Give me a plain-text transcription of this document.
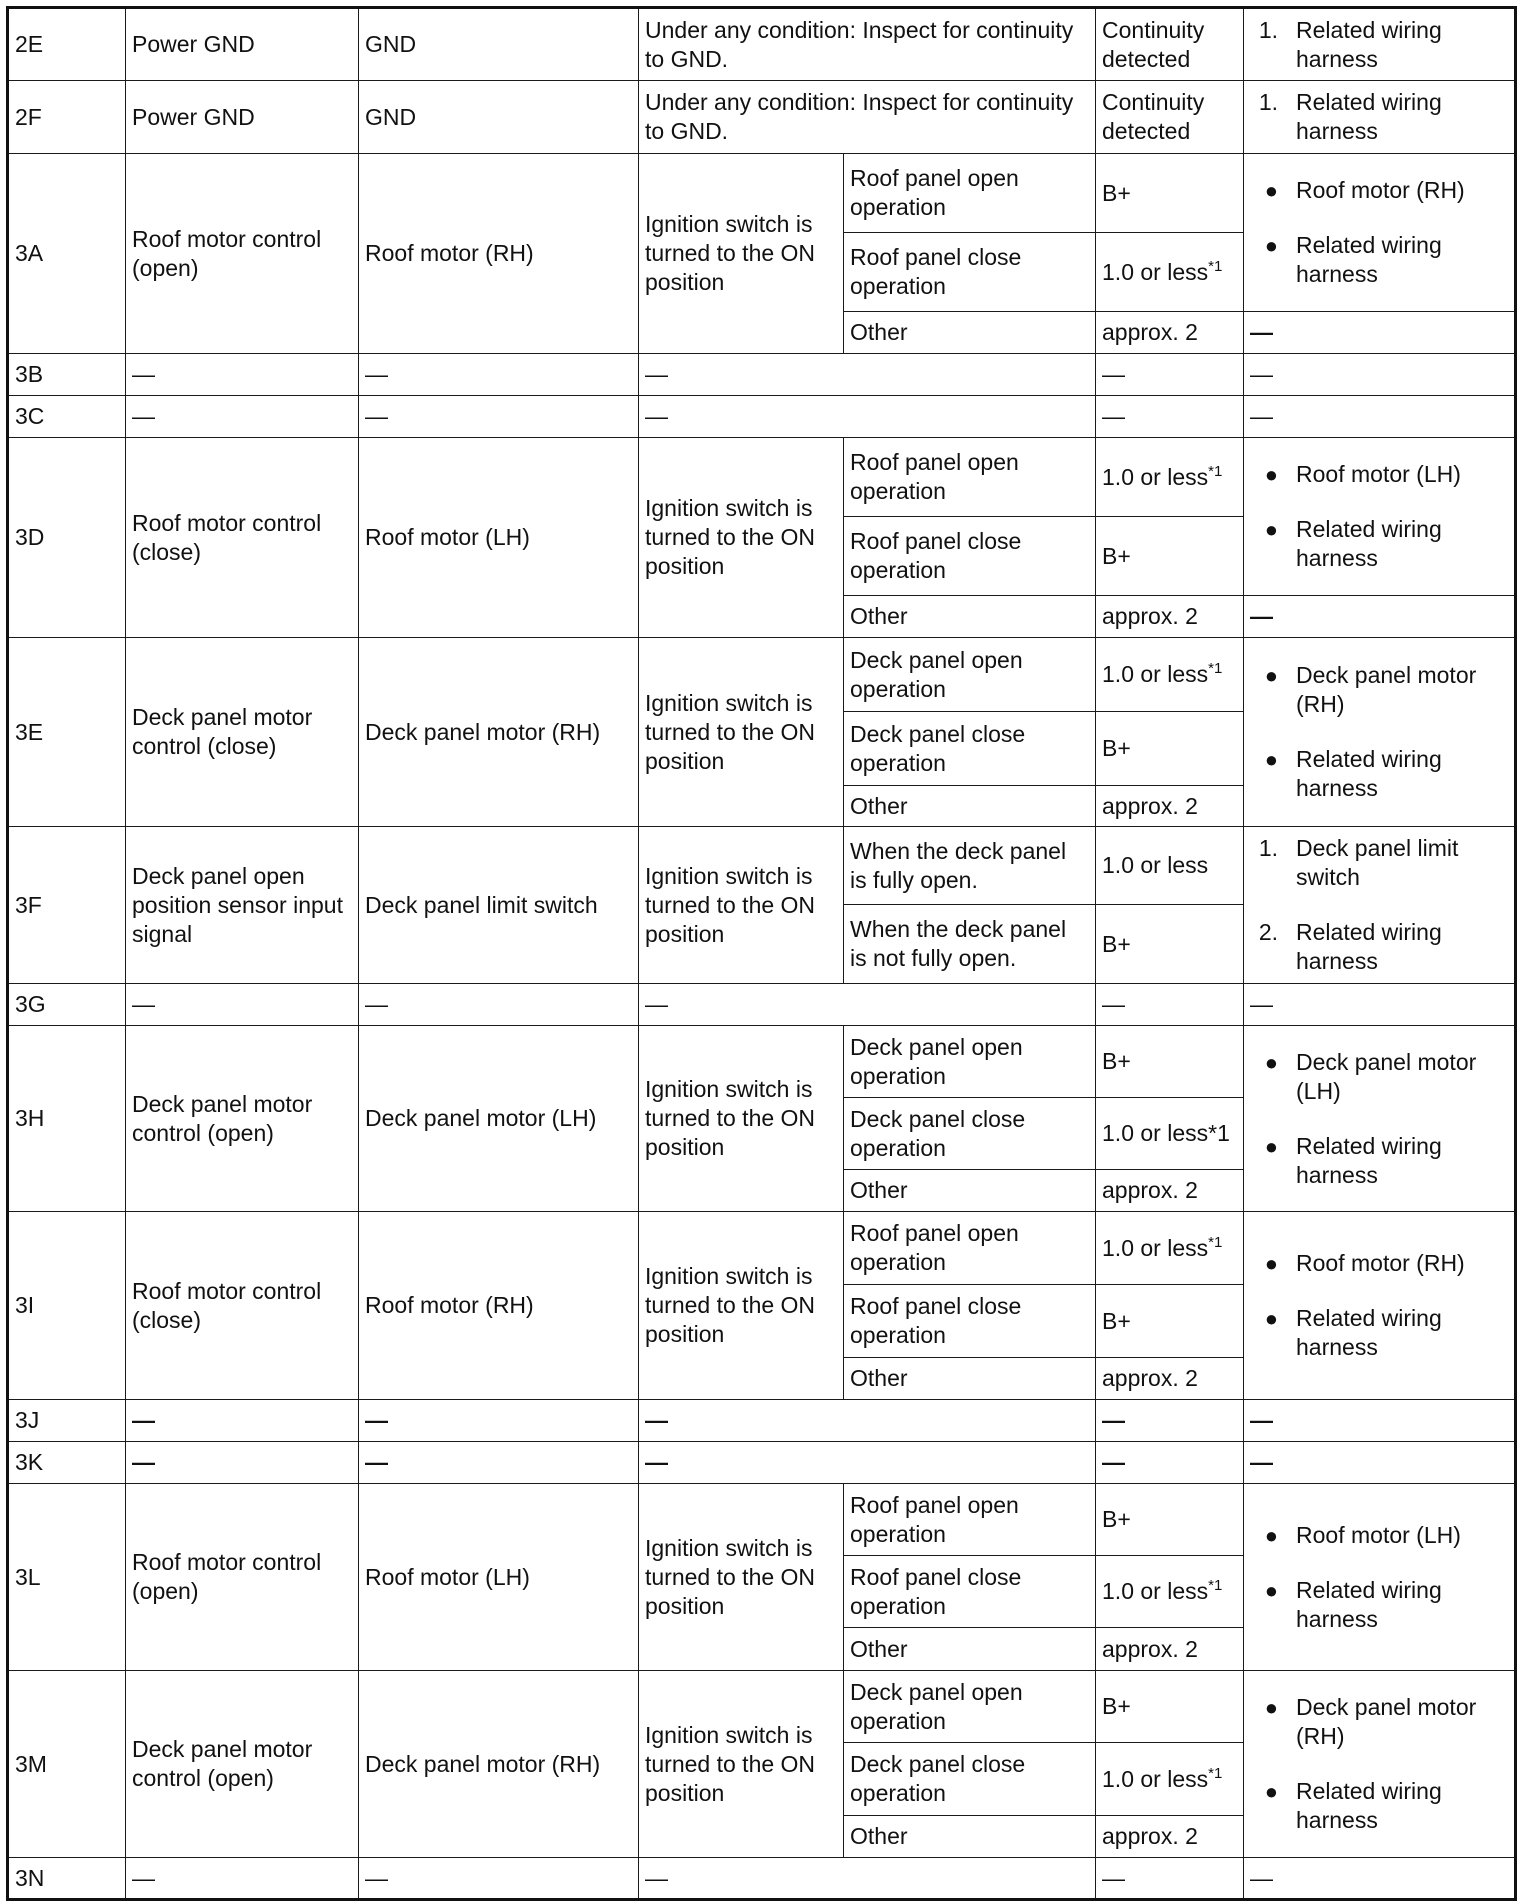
2E	Power GND	GND	Under any condition: Inspect for continuity to GND.		Continuity detected	1. Related wiring harness

2F	Power GND	GND	Under any condition: Inspect for continuity to GND.		Continuity detected	1. Related wiring harness

3A	Roof motor control (open)	Roof motor (RH)	Ignition switch is turned to the ON position	Roof panel open operation	B+	● Roof motor (RH)
● Related wiring harness

				Roof panel close operation	1.0 or less$^{*1}$
				Other	approx. 2	—
3B	—	—	—		—	—
3C	—	—	—		—	—
3D	Roof motor control (close)	Roof motor (LH)	Ignition switch is turned to the ON position	Roof panel open operation	1.0 or less$^{*1}$	● Roof motor (LH)
● Related wiring harness

				Roof panel close operation	B+	
				Other	approx. 2	—
3E	Deck panel motor control (close)	Deck panel motor (RH)	Ignition switch is turned to the ON position	Deck panel open operation	1.0 or less$^{*1}$	● Deck panel motor (RH)
● Related wiring harness

				Deck panel close operation	B+	
				Other	approx. 2	
3F	Deck panel open position sensor input signal	Deck panel limit switch	Ignition switch is turned to the ON position	When the deck panel is fully open.	1.0 or less	1. Deck panel limit switch
2. Related wiring harness

				When the deck panel is not fully open.	B+	
3G	—	—	—		—	—
3H	Deck panel motor control (open)	Deck panel motor (LH)	Ignition switch is turned to the ON position	Deck panel open operation	B+	● Deck panel motor (LH)
● Related wiring harness

				Deck panel close operation	1.0 or less*1	
				Other	approx. 2	
3I	Roof motor control (close)	Roof motor (RH)	Ignition switch is turned to the ON position	Roof panel open operation	1.0 or less$^{*1}$	● Roof motor (RH)
● Related wiring harness

				Roof panel close operation	B+	
				Other	approx. 2	
3J	—	—	—		—	—
3K	—	—	—		—	—
3L	Roof motor control (open)	Roof motor (LH)	Ignition switch is turned to the ON position	Roof panel open operation	B+	● Roof motor (LH)
● Related wiring harness

				Roof panel close operation	1.0 or less$^{*1}$
				Other	approx. 2	
3M	Deck panel motor control (open)	Deck panel motor (RH)	Ignition switch is turned to the ON position	Deck panel open operation	B+	● Deck panel motor (RH)
● Related wiring harness

				Deck panel close operation	1.0 or less$^{*1}$
				Other	approx. 2	
3N	—	—	—		—	—
